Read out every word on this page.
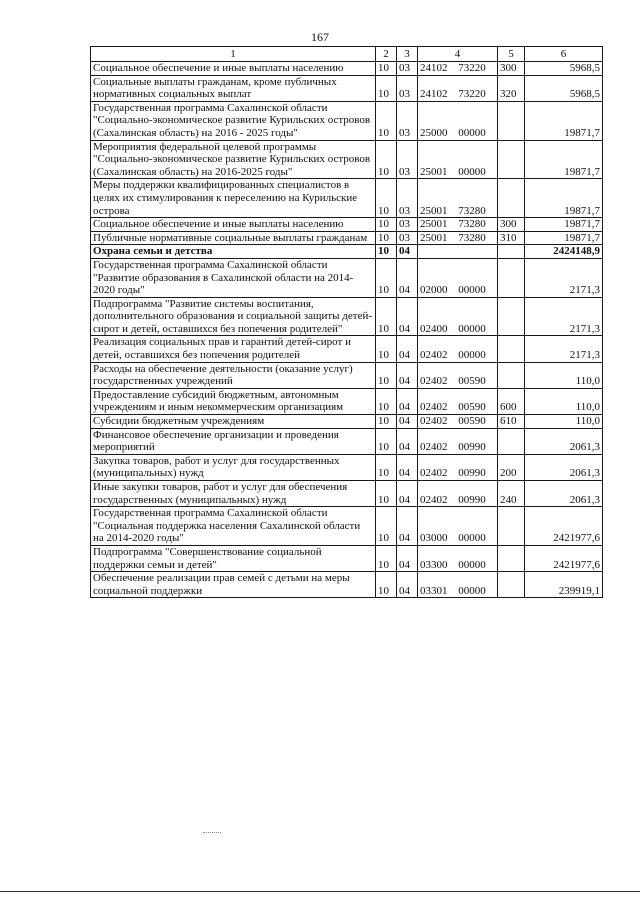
167
1	2	3	4	5	6
Социальное обеспечение и иные выплаты населению	10	03	24102 73220	300	5968,5
Социальные выплаты гражданам, кроме публичных нормативных социальных выплат	10	03	24102 73220	320	5968,5
Государственная программа Сахалинской области "Социально-экономическое развитие Курильских островов (Сахалинская область) на 2016 - 2025 годы"	10	03	25000 00000		19871,7
Мероприятия федеральной целевой программы "Социально-экономическое развитие Курильских островов (Сахалинская область) на 2016-2025 годы"	10	03	25001 00000		19871,7
Меры поддержки квалифицированных специалистов в целях их стимулирования к переселению на Курильские острова	10	03	25001 73280		19871,7
Социальное обеспечение и иные выплаты населению	10	03	25001 73280	300	19871,7
Публичные нормативные социальные выплаты гражданам	10	03	25001 73280	310	19871,7
Охрана семьи и детства	10	04			2424148,9
Государственная программа Сахалинской области "Развитие образования в Сахалинской области на 2014-2020 годы"	10	04	02000 00000		2171,3
Подпрограмма "Развитие системы воспитания, дополнительного образования и социальной защиты детей-сирот и детей, оставшихся без попечения родителей"	10	04	02400 00000		2171,3
Реализация социальных прав и гарантий детей-сирот и детей, оставшихся без попечения родителей	10	04	02402 00000		2171,3
Расходы на обеспечение деятельности (оказание услуг) государственных учреждений	10	04	02402 00590		110,0
Предоставление субсидий бюджетным, автономным учреждениям и иным некоммерческим организациям	10	04	02402 00590	600	110,0
Субсидии бюджетным учреждениям	10	04	02402 00590	610	110,0
Финансовое обеспечение организации и проведения мероприятий	10	04	02402 00990		2061,3
Закупка товаров, работ и услуг для государственных (муниципальных) нужд	10	04	02402 00990	200	2061,3
Иные закупки товаров, работ и услуг для обеспечения государственных (муниципальных) нужд	10	04	02402 00990	240	2061,3
Государственная программа Сахалинской области "Социальная поддержка населения Сахалинской области на 2014-2020 годы"	10	04	03000 00000		2421977,6
Подпрограмма "Совершенствование социальной поддержки семьи и детей"	10	04	03300 00000		2421977,6
Обеспечение реализации прав семей с детьми на меры социальной поддержки	10	04	03301 00000		239919,1
